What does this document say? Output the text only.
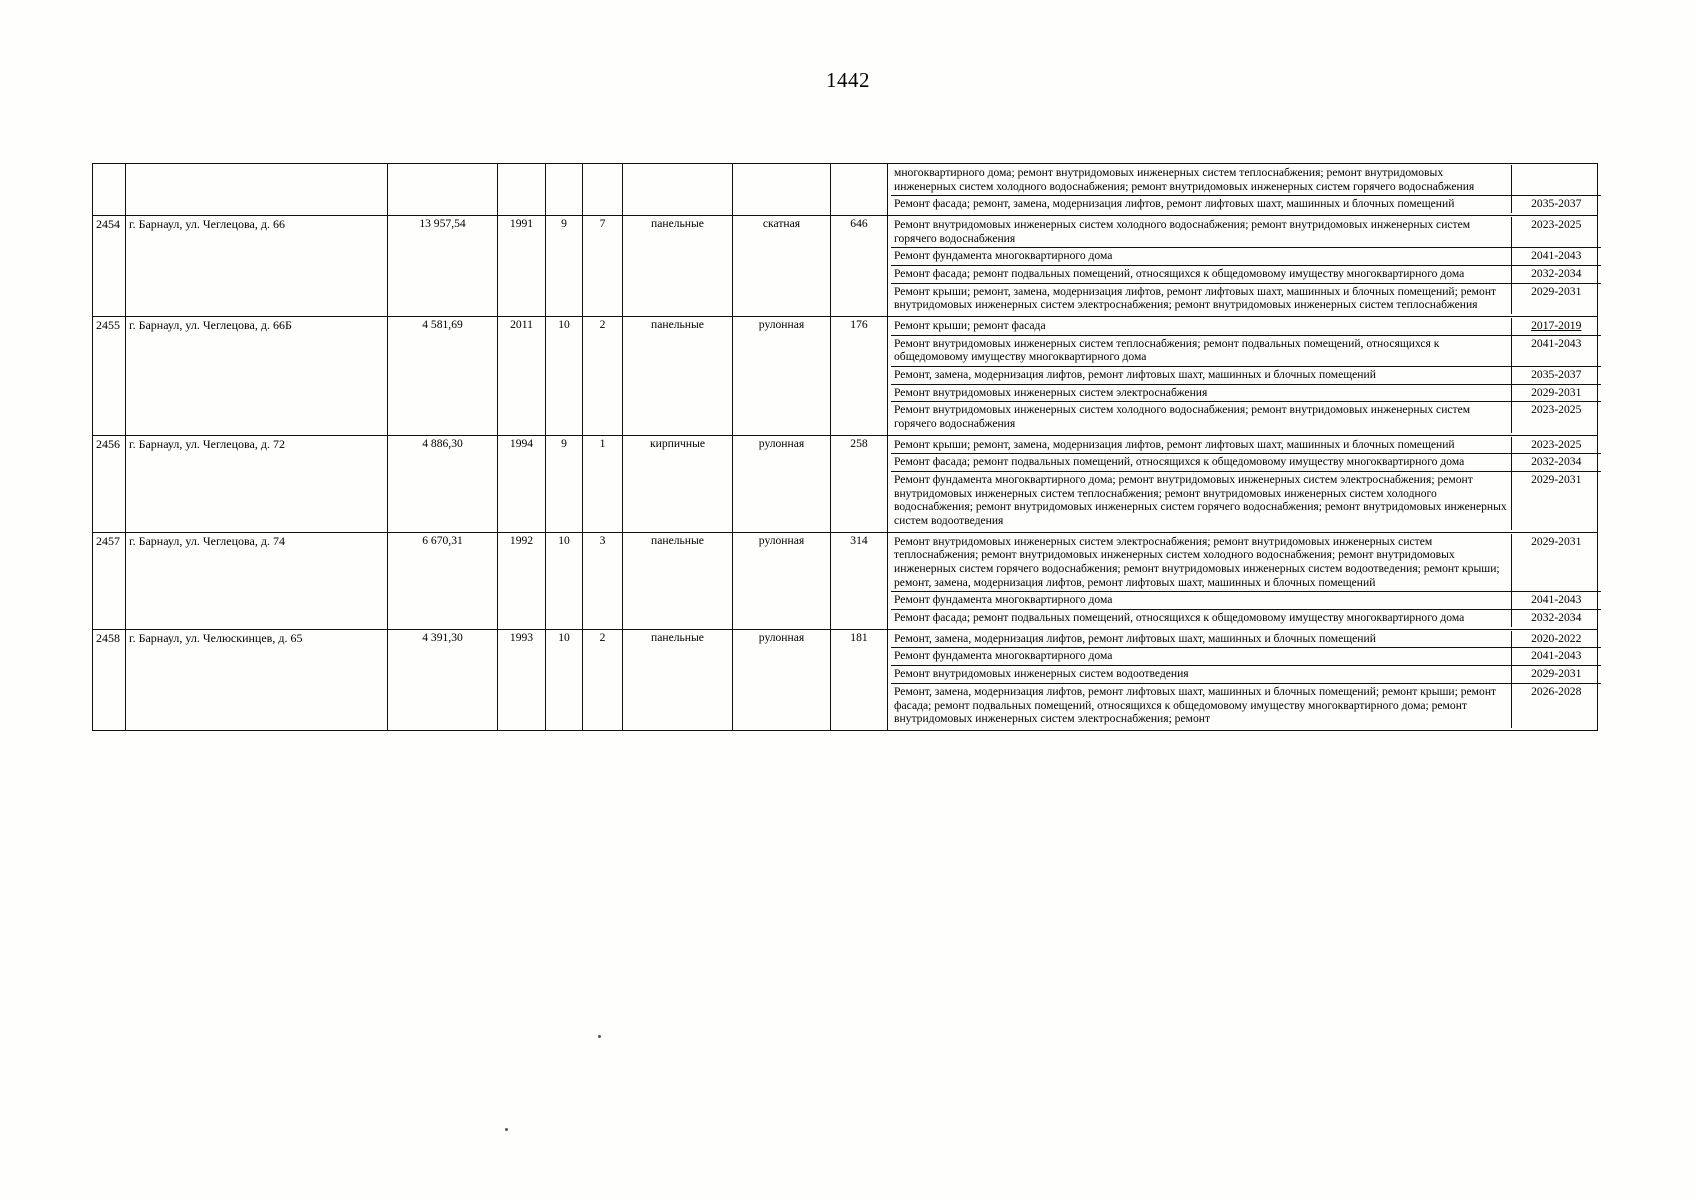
1442

многоквартирного дома; ремонт внутридомовых инженерных систем теплоснабжения; ремонт внутридомовых инженерных систем холодного водоснабжения; ремонт внутридомовых инженерных систем горячего водоснабжения	
Ремонт фасада; ремонт, замена, модернизация лифтов, ремонт лифтовых шахт, машинных и блочных помещений	2035-2037

2454	г. Барнаул, ул. Чеглецова, д. 66	13 957,54	1991	9	7	панельные	скатная	646	Ремонт внутридомовых инженерных систем холодного водоснабжения; ремонт внутридомовых инженерных систем горячего водоснабжения	2023-2025
Ремонт фундамента многоквартирного дома	2041-2043
Ремонт фасада; ремонт подвальных помещений, относящихся к общедомовому имуществу многоквартирного дома	2032-2034
Ремонт крыши; ремонт, замена, модернизация лифтов, ремонт лифтовых шахт, машинных и блочных помещений; ремонт внутридомовых инженерных систем электроснабжения; ремонт внутридомовых инженерных систем теплоснабжения	2029-2031

2455	г. Барнаул, ул. Чеглецова, д. 66Б	4 581,69	2011	10	2	панельные	рулонная	176	Ремонт крыши; ремонт фасада	2017-2019
Ремонт внутридомовых инженерных систем теплоснабжения; ремонт подвальных помещений, относящихся к общедомовому имуществу многоквартирного дома	2041-2043
Ремонт, замена, модернизация лифтов, ремонт лифтовых шахт, машинных и блочных помещений	2035-2037
Ремонт внутридомовых инженерных систем электроснабжения	2029-2031
Ремонт внутридомовых инженерных систем холодного водоснабжения; ремонт внутридомовых инженерных систем горячего водоснабжения	2023-2025

2456	г. Барнаул, ул. Чеглецова, д. 72	4 886,30	1994	9	1	кирпичные	рулонная	258	Ремонт крыши; ремонт, замена, модернизация лифтов, ремонт лифтовых шахт, машинных и блочных помещений	2023-2025
Ремонт фасада; ремонт подвальных помещений, относящихся к общедомовому имуществу многоквартирного дома	2032-2034
Ремонт фундамента многоквартирного дома; ремонт внутридомовых инженерных систем электроснабжения; ремонт внутридомовых инженерных систем теплоснабжения; ремонт внутридомовых инженерных систем холодного водоснабжения; ремонт внутридомовых инженерных систем горячего водоснабжения; ремонт внутридомовых инженерных систем водоотведения	2029-2031

2457	г. Барнаул, ул. Чеглецова, д. 74	6 670,31	1992	10	3	панельные	рулонная	314	Ремонт внутридомовых инженерных систем электроснабжения; ремонт внутридомовых инженерных систем теплоснабжения; ремонт внутридомовых инженерных систем холодного водоснабжения; ремонт внутридомовых инженерных систем горячего водоснабжения; ремонт внутридомовых инженерных систем водоотведения; ремонт крыши; ремонт, замена, модернизация лифтов, ремонт лифтовых шахт, машинных и блочных помещений	2029-2031
Ремонт фундамента многоквартирного дома	2041-2043
Ремонт фасада; ремонт подвальных помещений, относящихся к общедомовому имуществу многоквартирного дома	2032-2034

2458	г. Барнаул, ул. Челюскинцев, д. 65	4 391,30	1993	10	2	панельные	рулонная	181	Ремонт, замена, модернизация лифтов, ремонт лифтовых шахт, машинных и блочных помещений	2020-2022
Ремонт фундамента многоквартирного дома	2041-2043
Ремонт внутридомовых инженерных систем водоотведения	2029-2031
Ремонт, замена, модернизация лифтов, ремонт лифтовых шахт, машинных и блочных помещений; ремонт крыши; ремонт фасада; ремонт подвальных помещений, относящихся к общедомовому имуществу многоквартирного дома; ремонт внутридомовых инженерных систем электроснабжения; ремонт	2026-2028
